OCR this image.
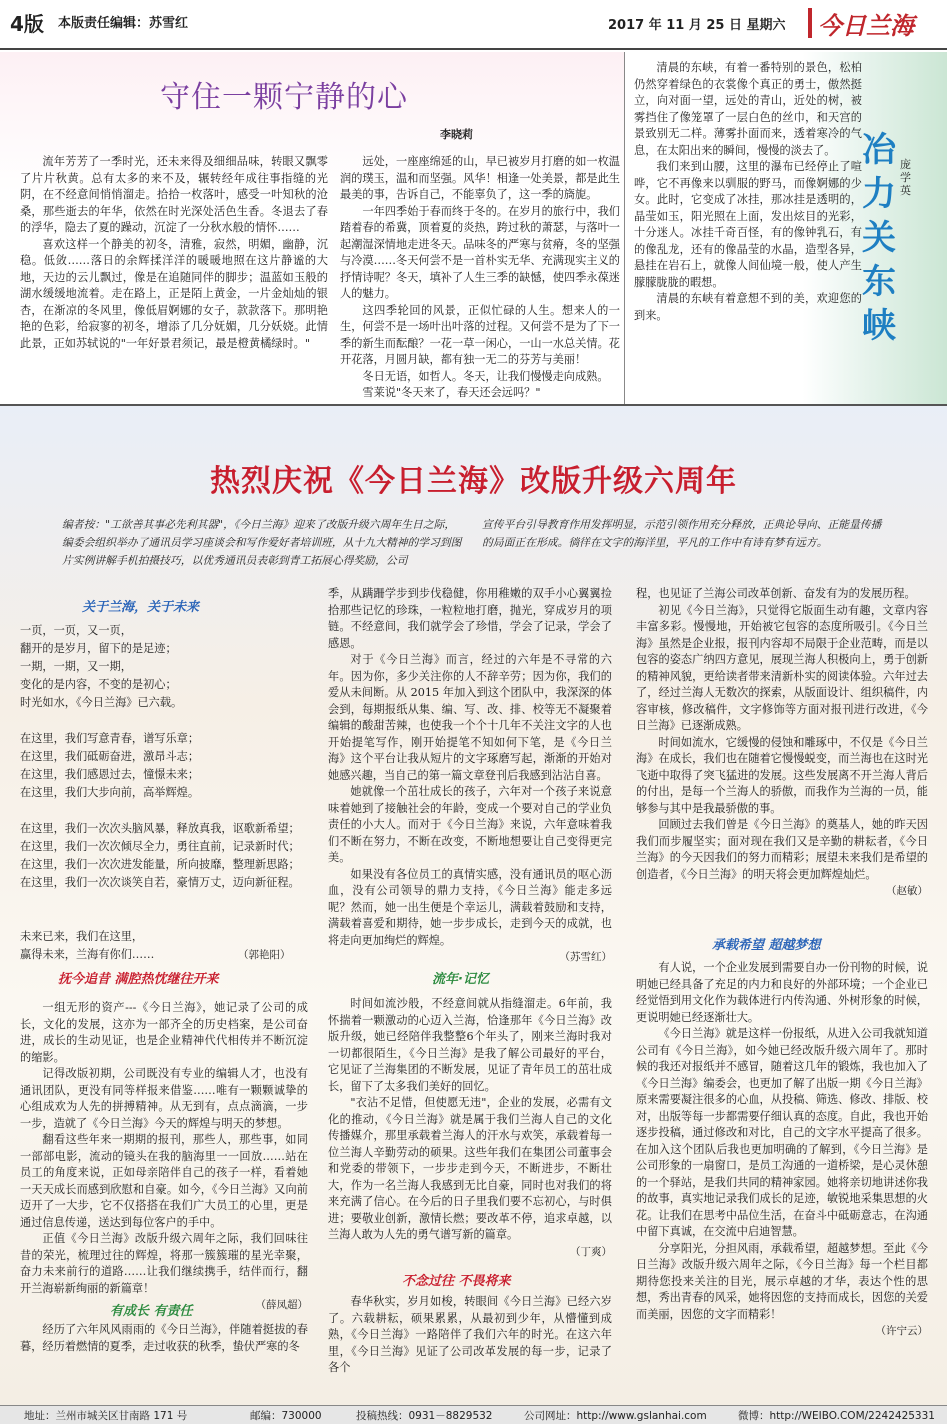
4版 本版责任编辑：苏雪红	2017 年 11 月 25 日 星期六 今日兰海
守住一颗宁静的心
李晓莉

流年芳芳了一季时光，还未来得及细细品味，转眼又飘零了片片秋黄。总有太多的来不及，辗转经年成往事指缝的光阴，在不经意间悄悄溜走。拾拾一枚落叶，感受一叶知秋的沧桑，那些逝去的年华，依然在时光深处活色生香。冬退去了春的浮华，隐去了夏的躁动，沉淀了一分秋水般的情怀……

喜欢这样一个静美的初冬，清雅，寂然，明媚，幽静，沉稳。低敛……落日的余辉揉洋洋的暖暖地照在这片静谧的大地，天边的云儿飘过，像是在追随同伴的脚步；温蓝如玉般的湖水缓缓地流着。走在路上，正是陌上黄金，一片金灿灿的银杏，在渐凉的冬风里，像低眉婀娜的女子，款款落下。那明艳艳的色彩，给寂寥的初冬，增添了几分妩媚，几分妖娆。此情此景，正如苏轼说的"一年好景君须记，最是橙黄橘绿时。"

远处，一座座绵延的山，早已被岁月打磨的如一枚温润的璞玉，温和而坚强。风华！相逢一处美景，都是此生最美的事，告诉自己，不能辜负了，这一季的旖旎。

一年四季始于春而终于冬的。在岁月的旅行中，我们踏着春的希冀，顶着夏的炎热，跨过秋的萧瑟，与落叶一起潮湿深情地走进冬天。品味冬的严寒与贫瘠，冬的坚强与冷漠……冬天何尝不是一首朴实无华、充满现实主义的抒情诗呢？冬天，填补了人生三季的缺憾，使四季永葆迷人的魅力。

这四季轮回的风景，正似忙碌的人生。想来人的一生，何尝不是一场叶出叶落的过程。又何尝不是为了下一季的新生而酝酿？一花一草一闲心，一山一水总关情。花开花落，月圆月缺，都有独一无二的芬芳与美丽！

冬日无语，如哲人。冬天，让我们慢慢走向成熟。

雪莱说"冬天来了，春天还会远吗？"

清晨的东峡，有着一番特别的景色，松柏仍然穿着绿色的衣裳像个真正的勇士，傲然挺立，向对面一望，远处的青山，近处的树，被雾挡住了像笼罩了一层白色的丝巾，和天宫的景致别无二样。薄雾扑面而来，透着寒冷的气息，在太阳出来的瞬间，慢慢的淡去了。

我们来到山腰，这里的瀑布已经停止了喧哗，它不再像来以驯服的野马，而像婀娜的少女。此时，它变成了冰挂，那冰挂是透明的，晶莹如玉，阳光照在上面，发出炫目的光彩，十分迷人。冰挂千奇百怪，有的像钟乳石，有的像乱龙，还有的像晶莹的水晶，造型各异，悬挂在岩石上，就像人间仙境一般，使人产生朦朦胧胧的暇想。

清晨的东峡有着意想不到的美，欢迎您的到来。

冶力关东峡
庞学英
热烈庆祝《今日兰海》改版升级六周年
编者按："工欲善其事必先利其器"，《今日兰海》迎来了改版升级六周年生日之际，编委会组织举办了通讯员学习座谈会和写作爱好者培训班，从十九大精神的学习到图片实例讲解手机拍摄技巧，以优秀通讯员表彰到青工拓展心得奖励，公司
宣传平台引导教育作用发挥明显，示范引领作用充分释放，正典论导向、正能量传播的局面正在形成。徜徉在文字的海洋里，平凡的工作中有诗有梦有远方。
关于兰海，关于未来
一页，一页，又一页，
翻开的是岁月，留下的是足迹；
一期，一期，又一期，
变化的是内容，不变的是初心；
时光如水，《今日兰海》已六载。
在这里，我们写意青春，谱写乐章；
在这里，我们砥砺奋进，激昂斗志；
在这里，我们感恩过去，憧憬未来；
在这里，我们大步向前，高举辉煌。
在这里，我们一次次头脑风暴，释放真我，讴歌新希望；
在这里，我们一次次倾尽全力，勇往直前，记录新时代；
在这里，我们一次次进发能量，所向披靡，整理新思路；
在这里，我们一次次谈笑自若，豪情万丈，迈向新征程。
未来已来，我们在这里，
赢得未来，兰海有你们……	（郭艳阳）
抚今追昔 满腔热忱继往开来

一组无形的资产---《今日兰海》，她记录了公司的成长，文化的发展，这亦为一部齐全的历史档案，是公司奋进，成长的生动见证，也是企业精神代代相传并不断沉淀的缩影。

记得改版初期，公司既没有专业的编辑人才，也没有通讯团队，更没有同等样报来借鉴……唯有一颗颗诚挚的心组成欢为人先的拼搏精神。从无到有，点点滴滴，一步一步，造就了《今日兰海》今天的辉煌与明天的梦想。

翻看这些年来一期期的报刊，那些人，那些事，如同一部部电影，流动的镜头在我的脑海里一一回放……站在员工的角度来说，正如母亲陪伴自己的孩子一样，看着她一天天成长而感到欣慰和自豪。如今，《今日兰海》又向前迈开了一大步，它不仅搭搭在我们广大员工的心里，更是通过信息传递，送达到每位客户的手中。

正值《今日兰海》改版升级六周年之际，我们回味往昔的荣光，梳理过往的辉煌，将那一簇簇璀的星光幸聚，奋力未来前行的道路……让我们继续携手，结伴而行，翻开兰海崭新绚丽的新篇章！

（薛凤超）
有成长 有责任

经历了六年风风雨雨的《今日兰海》，伴随着挺拔的春暮，经历着燃情的夏季，走过收获的秋季，蛰伏严寒的冬

季，从蹒跚学步到步伐稳健，你用稚嫩的双手小心翼翼捡拾那些记忆的珍珠，一粒粒地打磨，抛光，穿成岁月的项链。不经意间，我们就学会了珍惜，学会了记录，学会了感恩。

对于《今日兰海》而言，经过的六年是不寻常的六年。因为你，多少关注你的人不辞辛劳；因为你，我们的爱从未间断。从 2015 年加入到这个团队中，我深深的体会到，每期报纸从集、编、写、改、排、校等无不凝聚着编辑的酸甜苦辣，也使我一个个十几年不关注文字的人也开始提笔写作，刚开始提笔不知如何下笔，是《今日兰海》这个平台让我从短片的文字琢磨写起，渐渐的开始对她感兴趣，当自己的第一篇文章登刊后我感到沾沾自喜。

她就像一个茁壮成长的孩子，六年对一个孩子来说意味着她到了接触社会的年龄，变成一个要对自己的学业负责任的小大人。而对于《今日兰海》来说，六年意味着我们不断在努力，不断在改变，不断地想要让自己变得更完美。

如果没有各位员工的真情实感，没有通讯员的呕心沥血，没有公司领导的鼎力支持，《今日兰海》能走多远呢？然而，她一出生便是个幸运儿，满载着鼓励和支持，满载着喜爱和期待，她一步步成长，走到今天的成就，也将走向更加绚烂的辉煌。

（苏雪红）
流年·记忆

时间如流沙般，不经意间就从指缝溜走。6年前，我怀揣着一颗激动的心迈入兰海，恰逢那年《今日兰海》改版升级，她已经陪伴我整整6个年头了，刚来兰海时我对一切都很陌生，《今日兰海》是我了解公司最好的平台，它见证了兰海集团的不断发展，见证了青年员工的茁壮成长，留下了太多我们美好的回忆。

"衣沾不足惜，但使愿无违"，企业的发展，必需有文化的推动，《今日兰海》就是属于我们兰海人自己的文化传播媒介，那里承载着兰海人的汗水与欢笑，承载着每一位兰海人辛勤劳动的硕果。这些年我们在集团公司董事会和党委的带领下，一步步走到今天，不断进步，不断壮大，作为一名兰海人我感到无比自豪，同时也对我们的将来充满了信心。在今后的日子里我们要不忘初心，与时俱进；要敬业创新，激情长燃；要改革不停，追求卓越，以兰海人敢为人先的勇气谱写新的篇章。

（丁爽）
不念过往 不畏将来

春华秋实，岁月如梭，转眼间《今日兰海》已经六岁了。六载耕耘，硕果累累，从最初到少年，从懵懂到成熟，《今日兰海》一路陪伴了我们六年的时光。在这六年里，《今日兰海》见证了公司改革发展的每一步，记录了各个

程，也见证了兰海公司改革创新、奋发有为的发展历程。

初见《今日兰海》，只觉得它版面生动有趣，文章内容丰富多彩。慢慢地，开始被它包容的态度所吸引。《今日兰海》虽然是企业报，报刊内容却不局限于企业范畴，而是以包容的姿态广纳四方意见，展现兰海人积极向上，勇于创新的精神风貌，更给读者带来清新朴实的阅读体验。六年过去了，经过兰海人无数次的探索，从版面设计、组织稿件，内容审核，修改稿件，文字修饰等方面对报刊进行改进，《今日兰海》已逐渐成熟。

时间如流水，它缓慢的侵蚀和雕琢中，不仅是《今日兰海》在成长，我们也在随着它慢慢蜕变，而兰海也在这时光飞逝中取得了突飞猛进的发展。这些发展离不开兰海人背后的付出，是每一个兰海人的骄傲，而我作为兰海的一员，能够参与其中是我最骄傲的事。

回顾过去我们曾是《今日兰海》的奠基人，她的昨天因我们而步履坚实；面对现在我们又是辛勤的耕耘者，《今日兰海》的今天因我们的努力而精彩；展望未来我们是希望的创造者，《今日兰海》的明天将会更加辉煌灿烂。

（赵敏）
承载希望 超越梦想

有人说，一个企业发展到需要自办一份刊物的时候，说明她已经具备了充足的内力和良好的外部环境；一个企业已经觉悟到用文化作为载体进行内传沟通、外树形象的时候，更说明她已经逐渐壮大。

《今日兰海》就是这样一份报纸，从进入公司我就知道公司有《今日兰海》，如今她已经改版升级六周年了。那时候的我还对报纸并不感冒，随着这几年的锻炼，我也加入了《今日兰海》编委会，也更加了解了出版一期《今日兰海》原来需要凝注很多的心血，从投稿、筛选、修改、排版、校对，出版等每一步都需要仔细认真的态度。自此，我也开始逐步投稿，通过修改和对比，自己的文字水平提高了很多。在加入这个团队后我也更加明确的了解到，《今日兰海》是公司形象的一扇窗口，是员工沟通的一道桥梁，是心灵休憩的一个驿站，是我们共同的精神家园。她将亲切地讲述你我的故事，真实地记录我们成长的足迹，敏锐地采集思想的火花。让我们在思考中品位生活，在奋斗中砥砺意志，在沟通中留下真诚，在交流中启迪智慧。

分享阳光，分担风雨，承载希望，超越梦想。至此《今日兰海》改版升级六周年之际，《今日兰海》每一个栏目都期待您投来关注的目光，展示卓越的才华，表达个性的思想，秀出青春的风采，她将因您的支持而成长，因您的关爱而美丽，因您的文字而精彩！

（许宁云）
地址：兰州市城关区甘南路 171 号	邮编：730000	投稿热线：0931－8829532	公司网址：http://www.gslanhai.com	微博：http://WEIBO.COM/2242425331
